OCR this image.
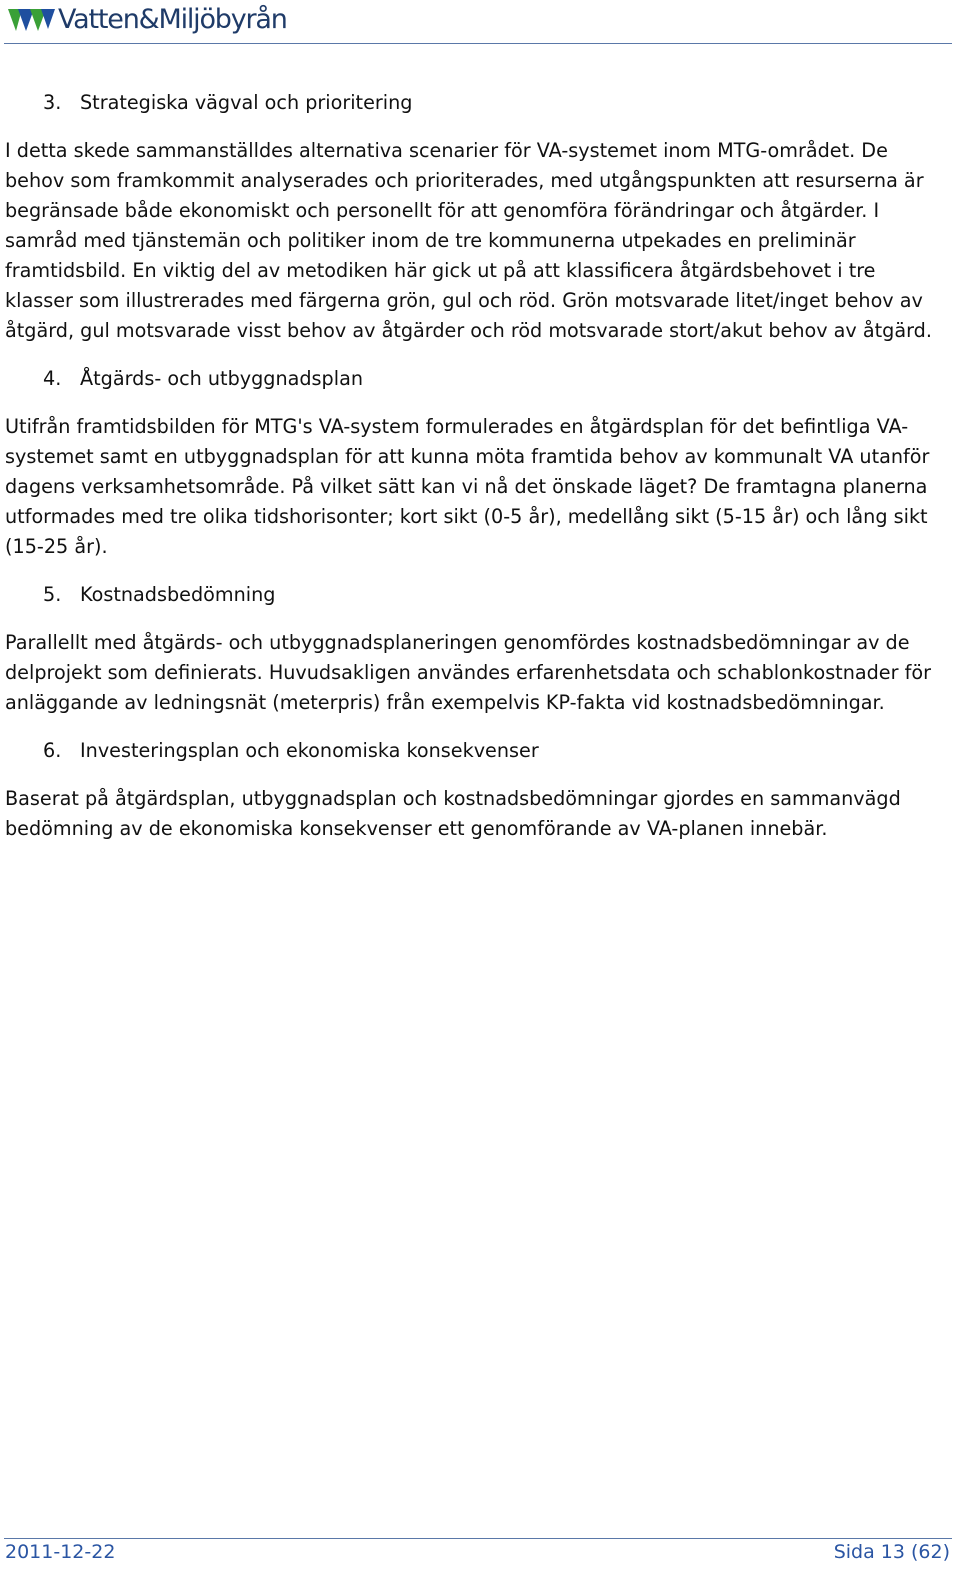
Vatten&Miljöbyrån
3. Strategiska vägval och prioritering

I detta skede sammanställdes alternativa scenarier för VA-systemet inom MTG-området. De behov som framkommit analyserades och prioriterades, med utgångspunkten att resurserna är begränsade både ekonomiskt och personellt för att genomföra förändringar och åtgärder. I samråd med tjänstemän och politiker inom de tre kommunerna utpekades en preliminär framtidsbild. En viktig del av metodiken här gick ut på att klassificera åtgärdsbehovet i tre klasser som illustrerades med färgerna grön, gul och röd. Grön motsvarade litet/inget behov av åtgärd, gul motsvarade visst behov av åtgärder och röd motsvarade stort/akut behov av åtgärd.

4. Åtgärds- och utbyggnadsplan

Utifrån framtidsbilden för MTG's VA-system formulerades en åtgärdsplan för det befintliga VA-systemet samt en utbyggnadsplan för att kunna möta framtida behov av kommunalt VA utanför dagens verksamhetsområde. På vilket sätt kan vi nå det önskade läget? De framtagna planerna utformades med tre olika tidshorisonter; kort sikt (0-5 år), medellång sikt (5-15 år) och lång sikt (15-25 år).

5. Kostnadsbedömning

Parallellt med åtgärds- och utbyggnadsplaneringen genomfördes kostnadsbedömningar av de delprojekt som definierats. Huvudsakligen användes erfarenhetsdata och schablonkostnader för anläggande av ledningsnät (meterpris) från exempelvis KP-fakta vid kostnadsbedömningar.

6. Investeringsplan och ekonomiska konsekvenser

Baserat på åtgärdsplan, utbyggnadsplan och kostnadsbedömningar gjordes en sammanvägd bedömning av de ekonomiska konsekvenser ett genomförande av VA-planen innebär.

2011-12-22	Sida 13 (62)
